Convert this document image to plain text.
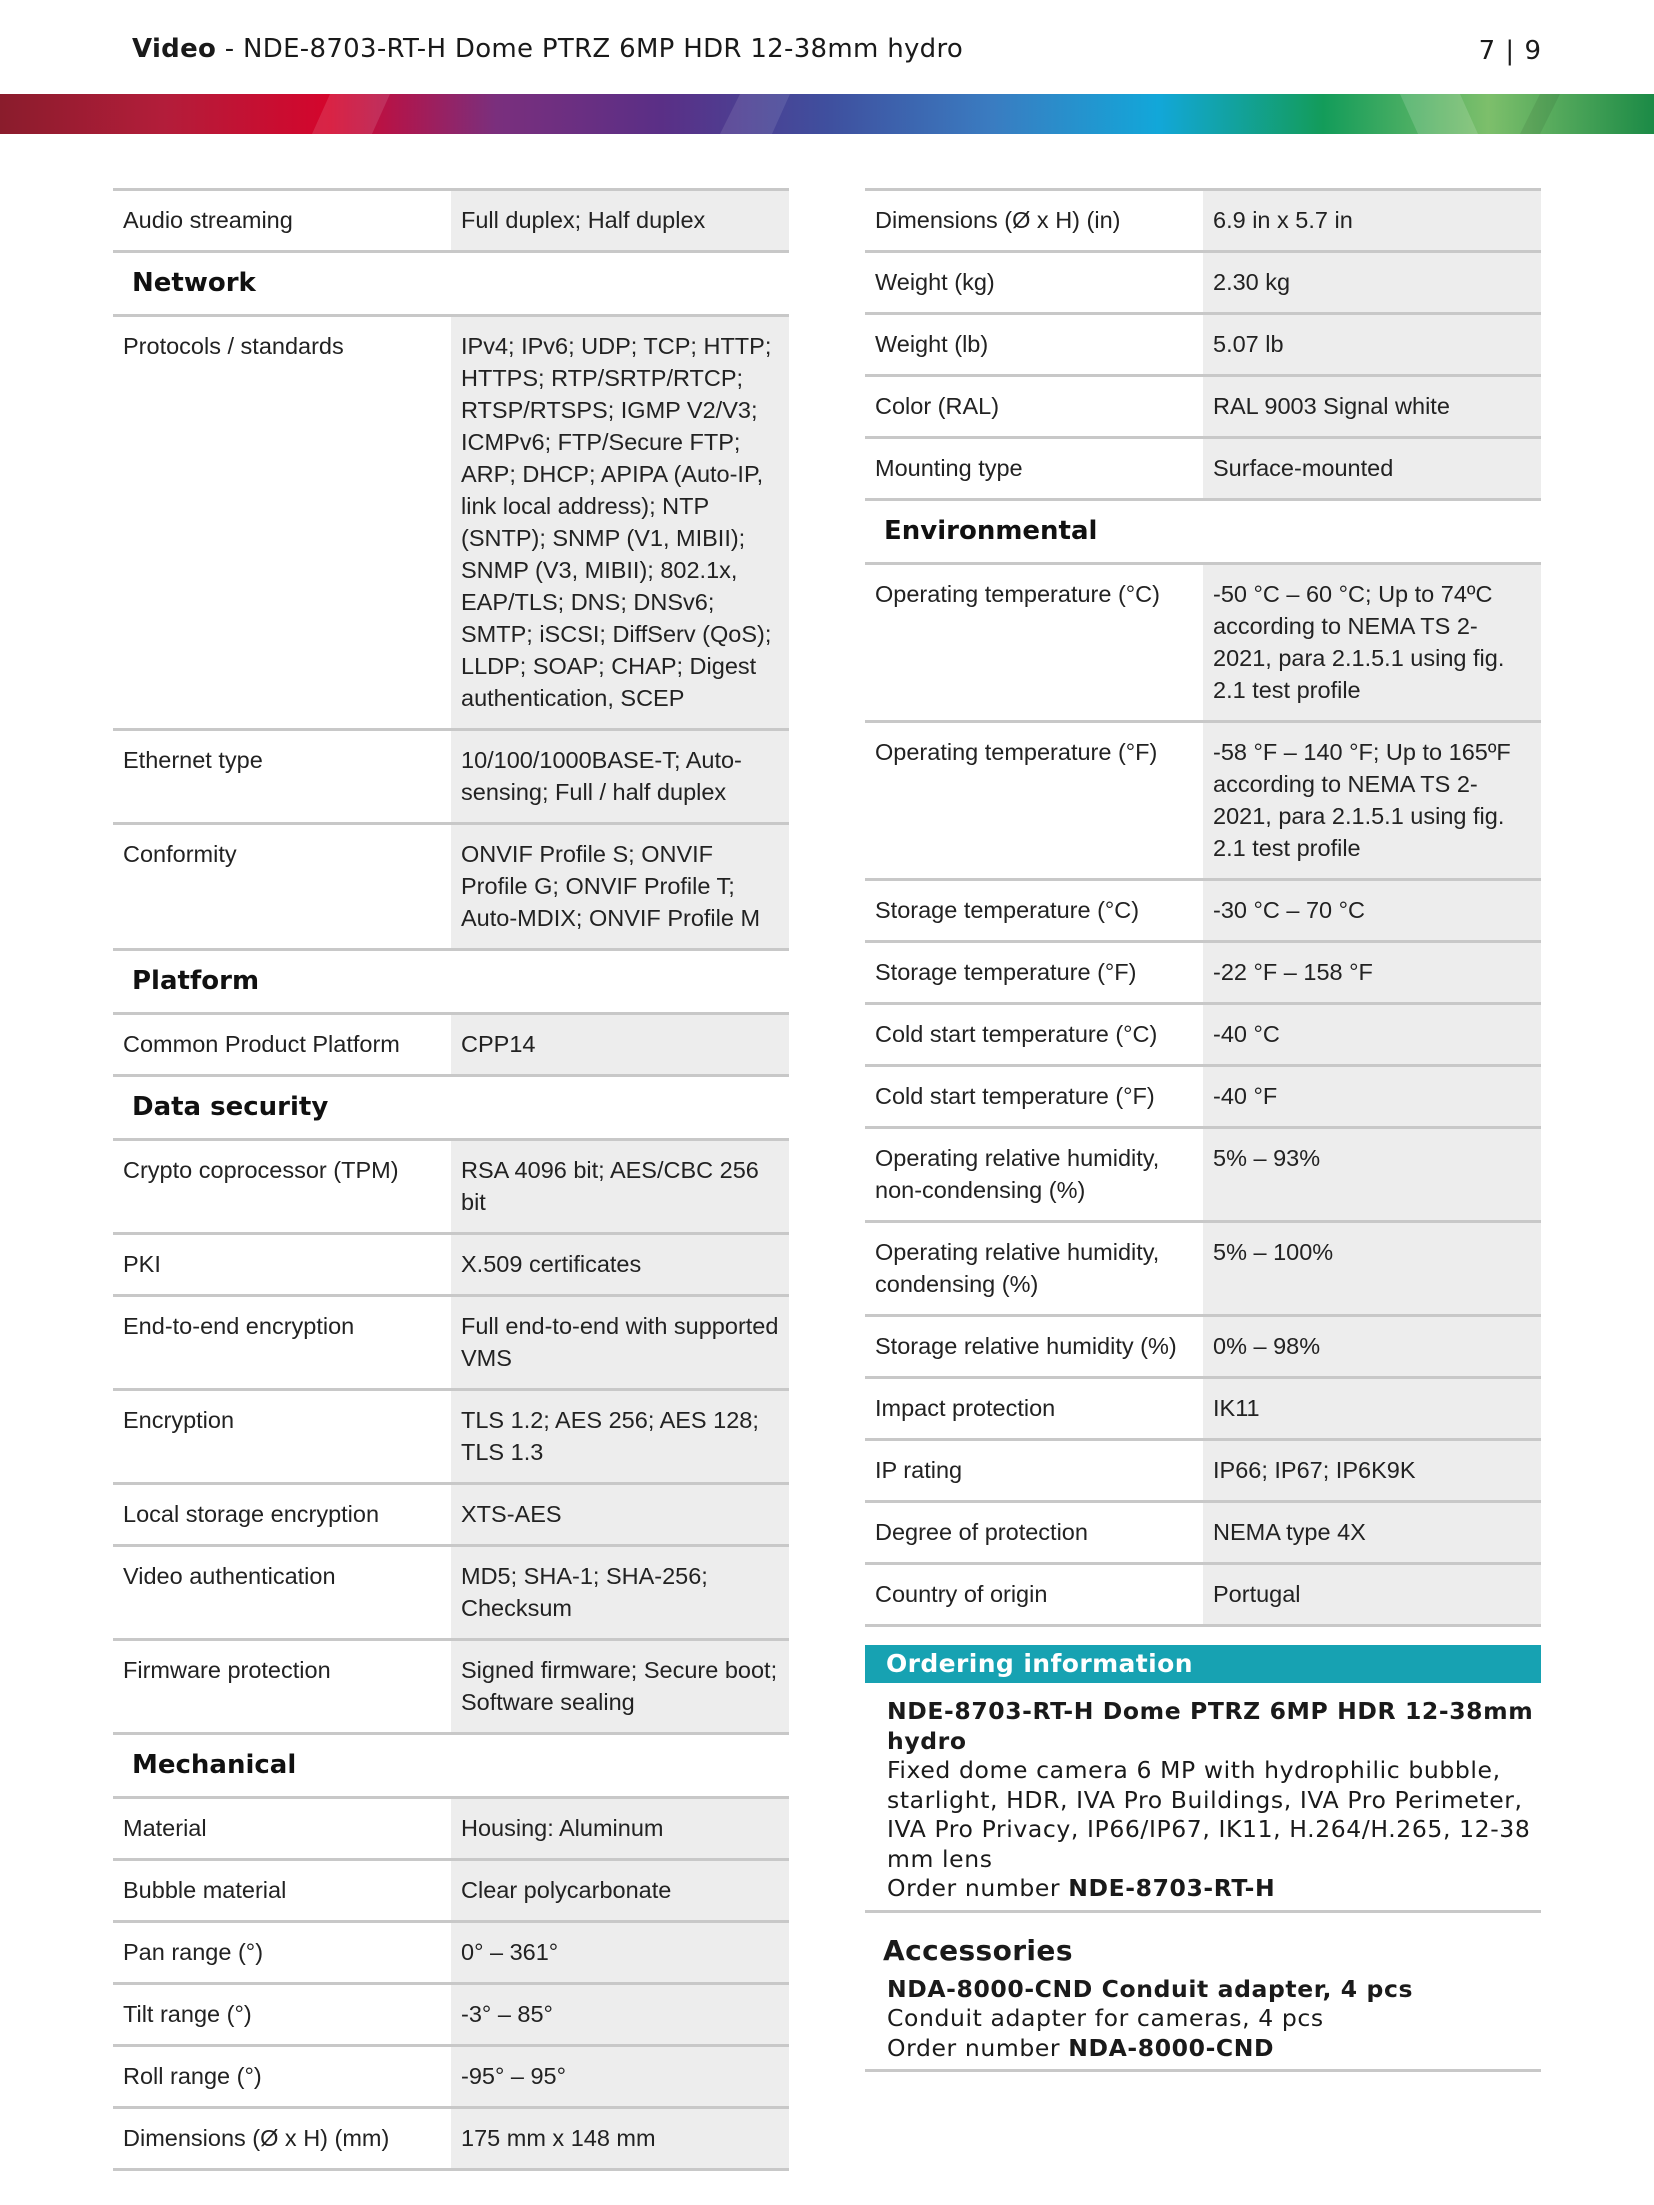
Video - NDE-8703-RT-H Dome PTRZ 6MP HDR 12-38mm hydro	7 | 9
Audio streaming	Full duplex; Half duplex
Network	
Protocols / standards	IPv4; IPv6; UDP; TCP; HTTP; HTTPS; RTP/SRTP/RTCP; RTSP/RTSPS; IGMP V2/V3; ICMPv6; FTP/Secure FTP; ARP; DHCP; APIPA (Auto-IP, link local address); NTP (SNTP); SNMP (V1, MIBII); SNMP (V3, MIBII); 802.1x, EAP/TLS; DNS; DNSv6; SMTP; iSCSI; DiffServ (QoS); LLDP; SOAP; CHAP; Digest authentication, SCEP
Ethernet type	10/100/1000BASE-T; Auto-sensing; Full / half duplex
Conformity	ONVIF Profile S; ONVIF Profile G; ONVIF Profile T; Auto-MDIX; ONVIF Profile M
Platform	
Common Product Platform	CPP14
Data security	
Crypto coprocessor (TPM)	RSA 4096 bit; AES/CBC 256 bit
PKI	X.509 certificates
End-to-end encryption	Full end-to-end with supported VMS
Encryption	TLS 1.2; AES 256; AES 128; TLS 1.3
Local storage encryption	XTS-AES
Video authentication	MD5; SHA-1; SHA-256; Checksum
Firmware protection	Signed firmware; Secure boot; Software sealing
Mechanical	
Material	Housing: Aluminum
Bubble material	Clear polycarbonate
Pan range (°)	0° – 361°
Tilt range (°)	-3° – 85°
Roll range (°)	-95° – 95°
Dimensions (Ø x H) (mm)	175 mm x 148 mm

Dimensions (Ø x H) (in)	6.9 in x 5.7 in
Weight (kg)	2.30 kg
Weight (lb)	5.07 lb
Color (RAL)	RAL 9003 Signal white
Mounting type	Surface-mounted
Environmental	
Operating temperature (°C)	-50 °C – 60 °C; Up to 74ºC according to NEMA TS 2-2021, para 2.1.5.1 using fig. 2.1 test profile
Operating temperature (°F)	-58 °F – 140 °F; Up to 165ºF according to NEMA TS 2-2021, para 2.1.5.1 using fig. 2.1 test profile
Storage temperature (°C)	-30 °C – 70 °C
Storage temperature (°F)	-22 °F – 158 °F
Cold start temperature (°C)	-40 °C
Cold start temperature (°F)	-40 °F
Operating relative humidity, non-condensing (%)	5% – 93%
Operating relative humidity, condensing (%)	5% – 100%
Storage relative humidity (%)	0% – 98%
Impact protection	IK11
IP rating	IP66; IP67; IP6K9K
Degree of protection	NEMA type 4X
Country of origin	Portugal

Ordering information
NDE-8703-RT-H Dome PTRZ 6MP HDR 12-38mm hydro
Fixed dome camera 6 MP with hydrophilic bubble, starlight, HDR, IVA Pro Buildings, IVA Pro Perimeter, IVA Pro Privacy, IP66/IP67, IK11, H.264/H.265, 12-38 mm lens
Order number NDE-8703-RT-H
Accessories
NDA-8000-CND Conduit adapter, 4 pcs
Conduit adapter for cameras, 4 pcs
Order number NDA-8000-CND
